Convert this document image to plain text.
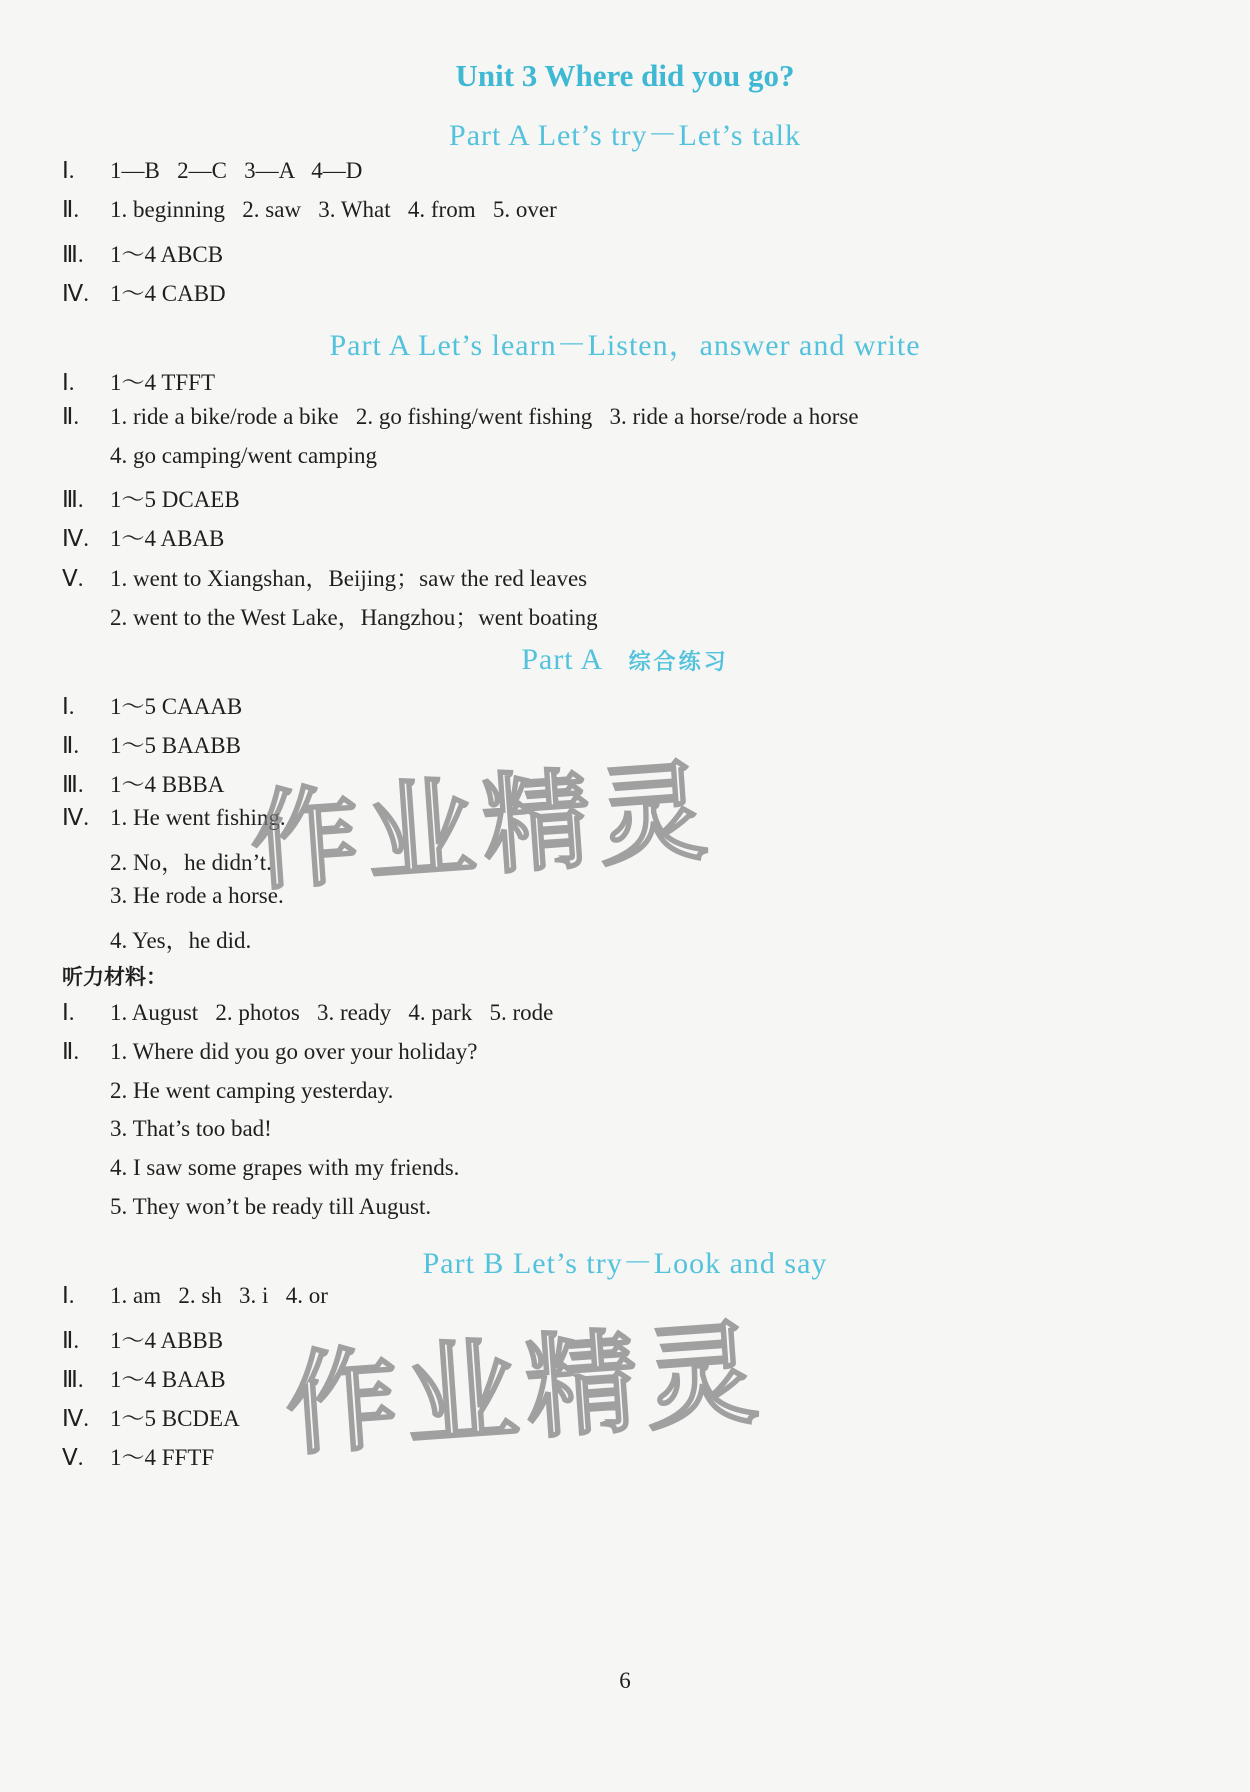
Unit 3 Where did you go?
Part A Let’s try－Let’s talk
Ⅰ. 1—B   2—C   3—A   4—D
Ⅱ. 1. beginning   2. saw   3. What   4. from   5. over
Ⅲ. 1～4 ABCB
Ⅳ. 1～4 CABD
Part A Let’s learn－Listen，answer and write
Ⅰ. 1～4 TFFT
Ⅱ. 1. ride a bike/rode a bike   2. go fishing/went fishing   3. ride a horse/rode a horse
4. go camping/went camping
Ⅲ. 1～5 DCAEB
Ⅳ. 1～4 ABAB
Ⅴ. 1. went to Xiangshan，Beijing；saw the red leaves
2. went to the West Lake，Hangzhou；went boating
Part A 综合练习
Ⅰ. 1～5 CAAAB
Ⅱ. 1～5 BAABB
Ⅲ. 1～4 BBBA
Ⅳ. 1. He went fishing.
2. No，he didn’t.
3. He rode a horse.
4. Yes，he did.
听力材料：
Ⅰ. 1. August   2. photos   3. ready   4. park   5. rode
Ⅱ. 1. Where did you go over your holiday?
2. He went camping yesterday.
3. That’s too bad!
4. I saw some grapes with my friends.
5. They won’t be ready till August.
Part B Let’s try－Look and say
Ⅰ. 1. am   2. sh   3. i   4. or
Ⅱ. 1～4 ABBB
Ⅲ. 1～4 BAAB
Ⅳ. 1～5 BCDEA
Ⅴ. 1～4 FFTF
作业精灵
作业精灵
6
